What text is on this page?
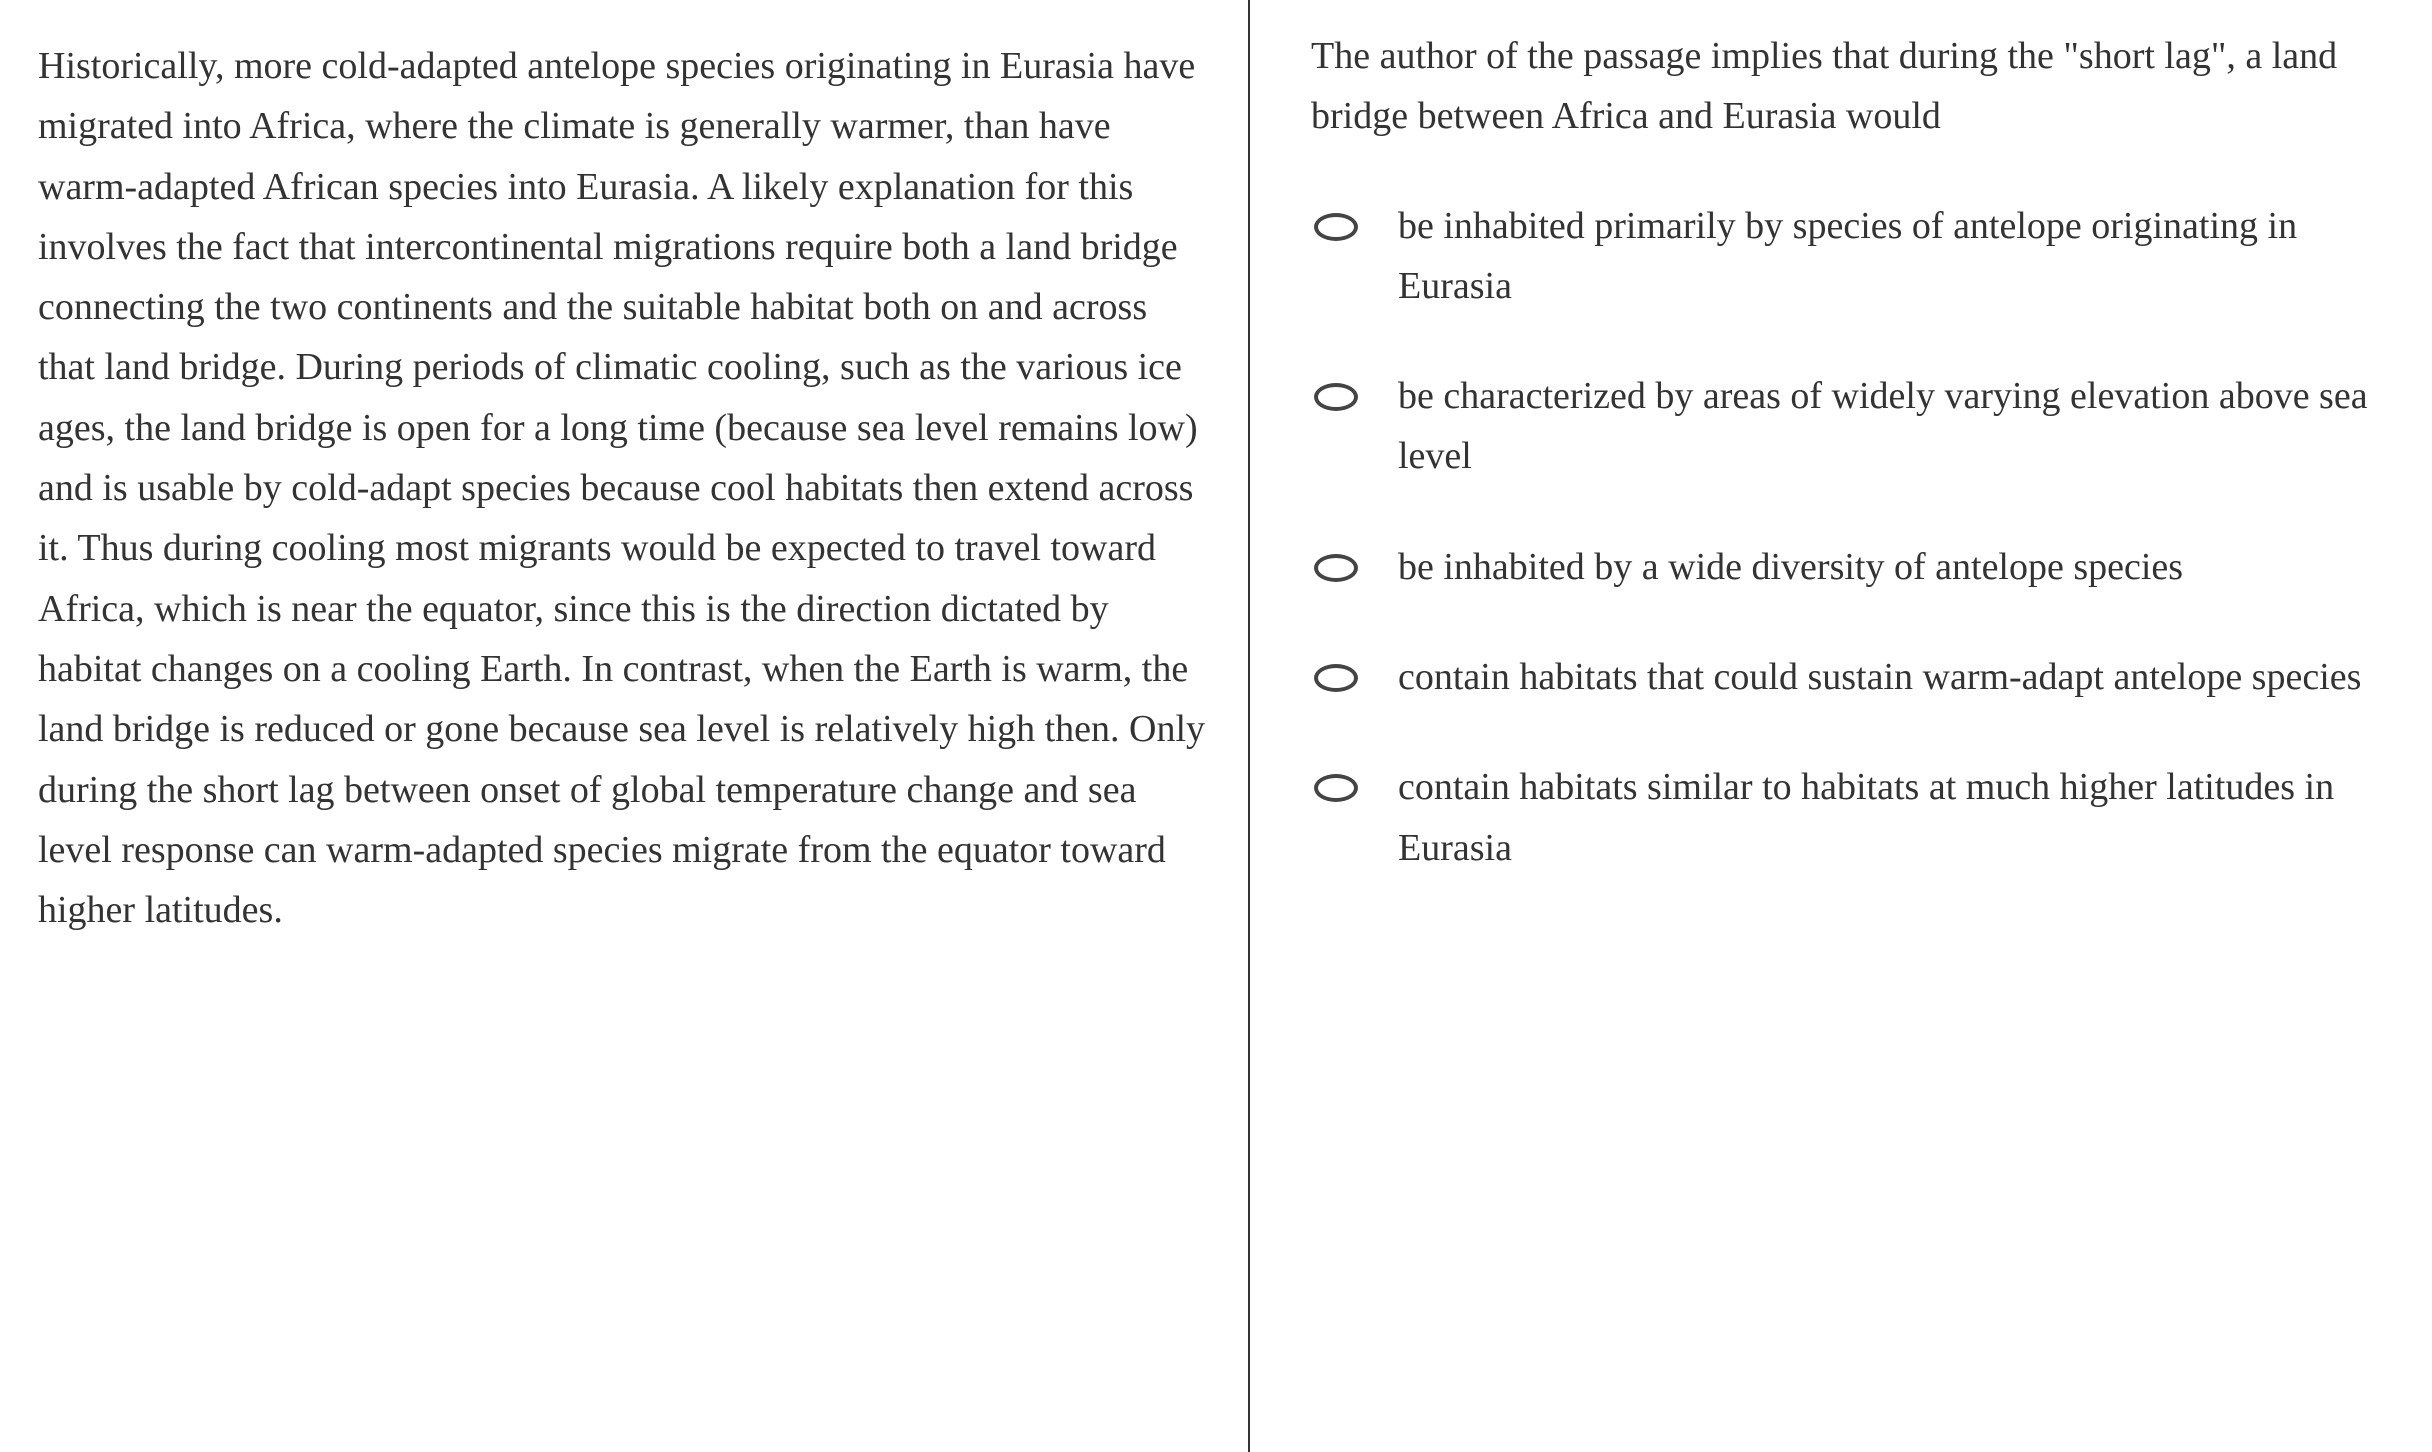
Historically, more cold-adapted antelope species originating in Eurasia have migrated into Africa, where the climate is generally warmer, than have warm-adapted African species into Eurasia. A likely explanation for this involves the fact that intercontinental migrations require both a land bridge connecting the two continents and the suitable habitat both on and across that land bridge. During periods of climatic cooling, such as the various ice ages, the land bridge is open for a long time (because sea level remains low) and is usable by cold-adapt species because cool habitats then extend across it. Thus during cooling most migrants would be expected to travel toward Africa, which is near the equator, since this is the direction dictated by habitat changes on a cooling Earth. In contrast, when the Earth is warm, the land bridge is reduced or gone because sea level is relatively high then. Only during the short lag between onset of global temperature change and sea level response can warm-adapted species migrate from the equator toward higher latitudes.

The author of the passage implies that during the "short lag", a land bridge between Africa and Eurasia would

be inhabited primarily by species of antelope originating in Eurasia
be characterized by areas of widely varying elevation above sea level
be inhabited by a wide diversity of antelope species
contain habitats that could sustain warm-adapt antelope species
contain habitats similar to habitats at much higher latitudes in Eurasia
